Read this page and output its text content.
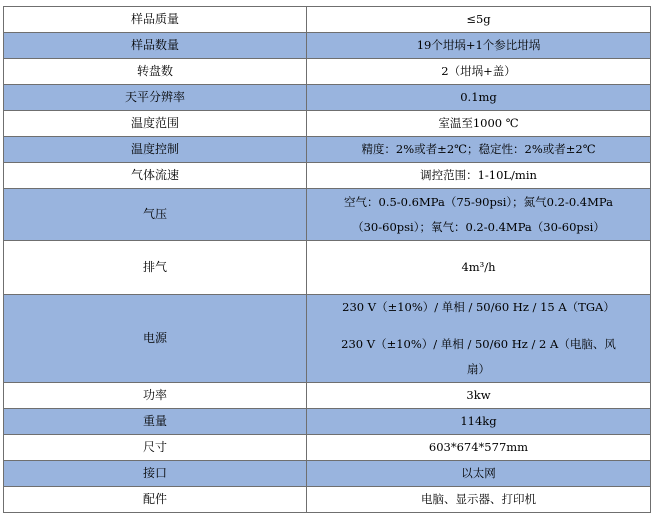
样品质量	≤5g
样品数量	19个坩埚+1个参比坩埚
转盘数	2（坩埚+盖）
天平分辨率	0.1mg
温度范围	室温至1000 ℃
温度控制	精度：2%或者±2℃；稳定性：2%或者±2℃
气体流速	调控范围：1-10L/min
气压	空气：0.5-0.6MPa（75-90psi）；氮气0.2-0.4MPa
（30-60psi）；氧气：0.2-0.4MPa（30-60psi）

排气	4m³/h
电源	230 V（±10%）/ 单相 / 50/60 Hz / 15 A（TGA）
230 V（±10%）/ 单相 / 50/60 Hz / 2 A（电脑、风
扇）

功率	3kw
重量	114kg
尺寸	603*674*577mm
接口	以太网
配件	电脑、显示器、打印机
